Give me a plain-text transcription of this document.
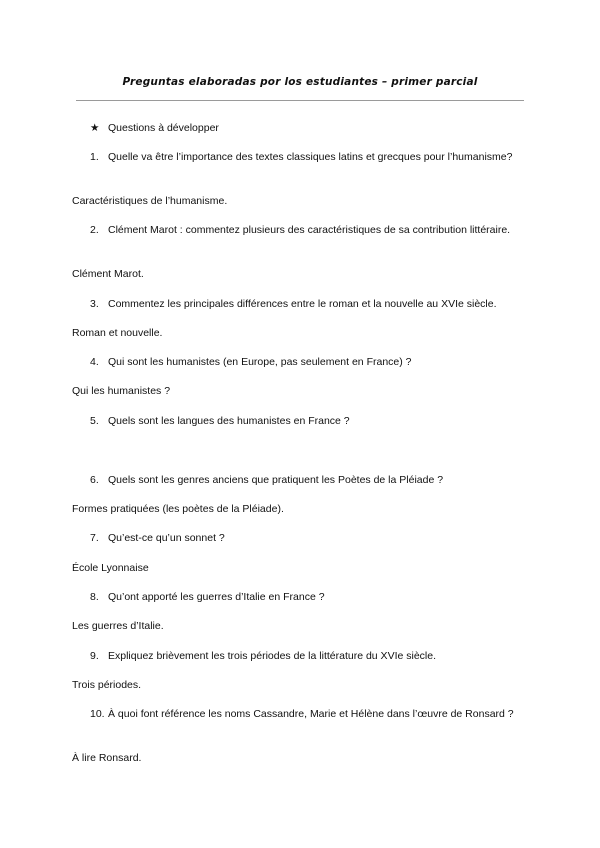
Preguntas elaboradas por los estudiantes – primer parcial
★ Questions à développer
1. Quelle va être l’importance des textes classiques latins et grecques pour l’humanisme?
Caractéristiques de l’humanisme.
2. Clément Marot : commentez plusieurs des caractéristiques de sa contribution littéraire.
Clément Marot.
3. Commentez les principales différences entre le roman et la nouvelle au XVIe siècle.
Roman et nouvelle.
4. Qui sont les humanistes (en Europe, pas seulement en France) ?
Qui les humanistes ?
5. Quels sont les langues des humanistes en France ?
6. Quels sont les genres anciens que pratiquent les Poètes de la Pléiade ?
Formes pratiquées (les poètes de la Pléiade).
7. Qu’est-ce qu’un sonnet ?
École Lyonnaise
8. Qu’ont apporté les guerres d’Italie en France ?
Les guerres d’Italie.
9. Expliquez brièvement les trois périodes de la littérature du XVIe siècle.
Trois périodes.
10. À quoi font référence les noms Cassandre, Marie et Hélène dans l’œuvre de Ronsard ?
À lire Ronsard.
